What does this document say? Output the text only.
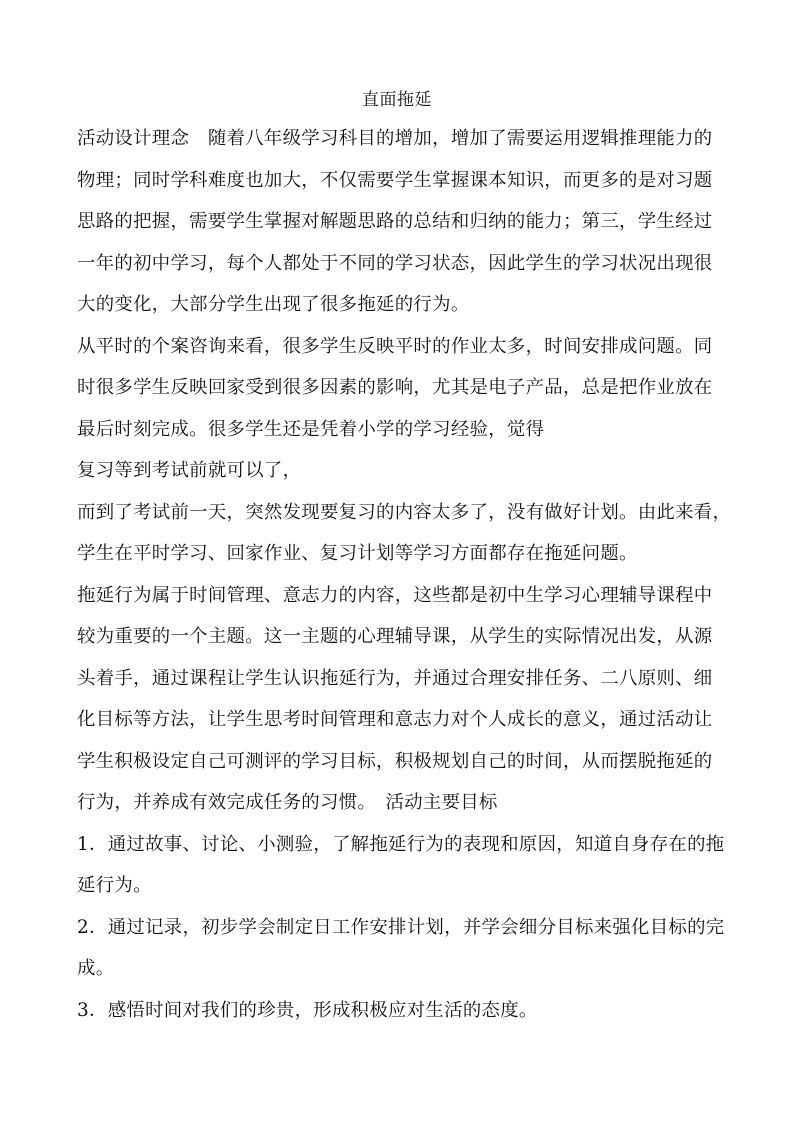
直面拖延
活动设计理念　随着八年级学习科目的增加，增加了需要运用逻辑推理能力的
物理；同时学科难度也加大，不仅需要学生掌握课本知识，而更多的是对习题
思路的把握，需要学生掌握对解题思路的总结和归纳的能力；第三，学生经过
一年的初中学习，每个人都处于不同的学习状态，因此学生的学习状况出现很
大的变化，大部分学生出现了很多拖延的行为。
从平时的个案咨询来看，很多学生反映平时的作业太多，时间安排成问题。同
时很多学生反映回家受到很多因素的影响，尤其是电子产品，总是把作业放在
最后时刻完成。很多学生还是凭着小学的学习经验，觉得
复习等到考试前就可以了，
而到了考试前一天，突然发现要复习的内容太多了，没有做好计划。由此来看，
学生在平时学习、回家作业、复习计划等学习方面都存在拖延问题。
拖延行为属于时间管理、意志力的内容，这些都是初中生学习心理辅导课程中
较为重要的一个主题。这一主题的心理辅导课，从学生的实际情况出发，从源
头着手，通过课程让学生认识拖延行为，并通过合理安排任务、二八原则、细
化目标等方法，让学生思考时间管理和意志力对个人成长的意义，通过活动让
学生积极设定自己可测评的学习目标，积极规划自己的时间，从而摆脱拖延的
行为，并养成有效完成任务的习惯。　活动主要目标
1．通过故事、讨论、小测验，了解拖延行为的表现和原因，知道自身存在的拖
延行为。
2．通过记录，初步学会制定日工作安排计划，并学会细分目标来强化目标的完
成。
3．感悟时间对我们的珍贵，形成积极应对生活的态度。
